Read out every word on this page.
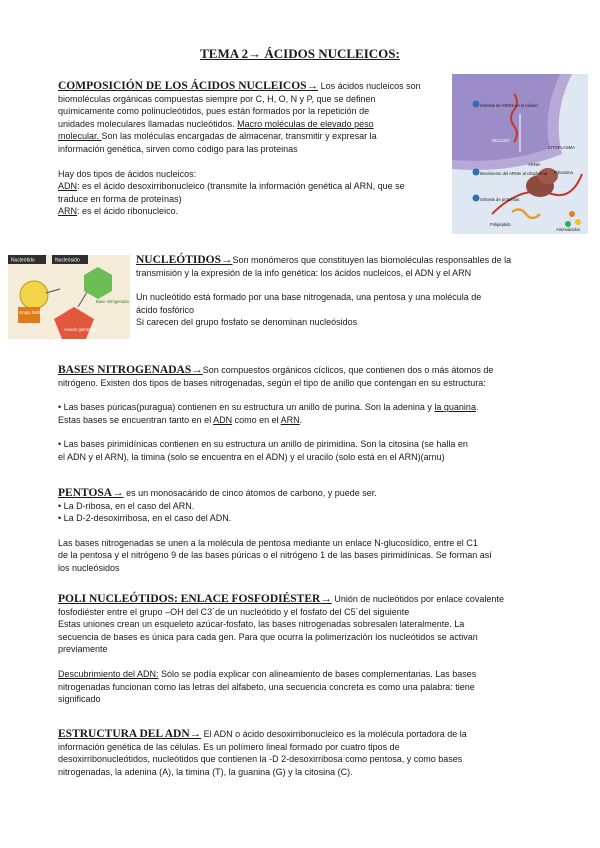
TEMA 2→ ÁCIDOS NUCLEICOS:

COMPOSICIÓN DE LOS ÁCIDOS NUCLEICOS→ Los ácidos nucleicos son

biomoléculas orgánicas compuestas siempre por C, H, O, N y P, que se definen

químicamente como polinucleótidos, pues están formados por la repetición de

unidades moleculares llamadas nucleótidos. Macro moléculas de elevado peso

molecular. Son las moléculas encargadas de almacenar, transmitir y expresar la

información genética, sirven como código para las proteinas

Hay dos tipos de ácidos nucleicos:

ADN: es el ácido desoxirribonucleico (transmite la información genética al ARN, que se

traduce en forma de proteínas)

ARN: es el ácido ribonucleico.

Síntesis de ARNm en el núcleo
NÚCLEO
CITOPLASMA
ARNm
Movimiento del ARNm al citoplasma
Síntesis de proteínas
Ribosoma
Polipéptido
Aminoácidos
Nucleótido	Nucleósido
Grupo fosfato
Base nitrogenada
Azúcar (pentosa)

NUCLEÓTIDOS→Son monómeros que constituyen las biomoléculas responsables de la

transmisión y la expresión de la info genética: los ácidos nucleicos, el ADN y el ARN

Un nucleótido está formado por una base nitrogenada, una pentosa y una molécula de

ácido fosfórico

Si carecen del grupo fosfato se denominan nucleósidos

BASES NITROGENADAS→Son compuestos orgánicos cíclicos, que contienen dos o más átomos de

nitrógeno. Existen dos tipos de bases nitrogenadas, según el tipo de anillo que contengan en su estructura:

• Las bases púricas(puragua) contienen en su estructura un anillo de purina. Son la adenina y la guanina.

Estas bases se encuentran tanto en el ADN como en el ARN.

• Las bases pirimidínicas contienen en su estructura un anillo de pirimidina. Son la citosina (se halla en

el ADN y el ARN), la timina (solo se encuentra en el ADN) y el uracilo (solo está en el ARN)(arnu)

PENTOSA→ es un monosacárido de cinco átomos de carbono, y puede ser.

• La D-ribosa, en el caso del ARN.

• La D-2-desoxirribosa, en el caso del ADN.

Las bases nitrogenadas se unen a la molécula de pentosa mediante un enlace N-glucosídico, entre el C1

de la pentosa y el nitrógeno 9 de las bases púricas o el nitrógeno 1 de las bases pirimidínicas. Se forman así

los nucleósidos

POLI NUCLEÓTIDOS: ENLACE FOSFODIÉSTER→ Unión de nucleótidos por enlace covalente

fosfodiéster entre el grupo –OH del C3´de un nucleótido y el fosfato del C5´del siguiente

Estas uniones crean un esqueleto azúcar-fosfato, las bases nitrogenadas sobresalen lateralmente. La

secuencia de bases es única para cada gen. Para que ocurra la polimerización los nucleótidos se activan

previamente

Descubrimiento del ADN: Sólo se podía explicar con alineamiento de bases complementarias. Las bases

nitrogenadas funcionan como las letras del alfabeto, una secuencia concreta es como una palabra: tiene

significado

ESTRUCTURA DEL ADN→ El ADN o ácido desoxirribonucleico es la molécula portadora de la

información genética de las células. Es un polímero lineal formado por cuatro tipos de

desoxirribonucleótidos, nucleótidos que contienen la -D 2-desoxirribosa como pentosa, y como bases

nitrogenadas, la adenina (A), la timina (T), la guanina (G) y la citosina (C).
